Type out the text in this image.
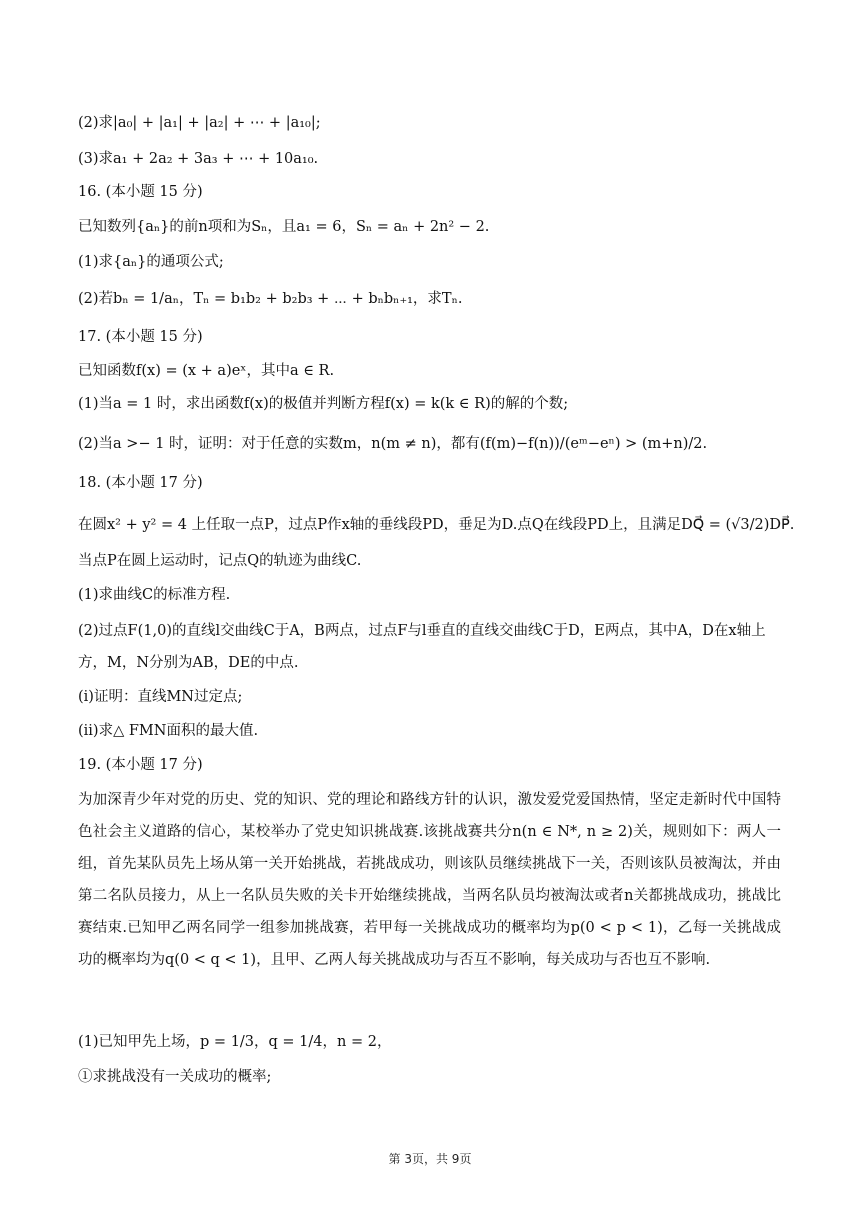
(2)求|a₀| + |a₁| + |a₂| + ⋯ + |a₁₀|;
(3)求a₁ + 2a₂ + 3a₃ + ⋯ + 10a₁₀.
16. (本小题 15 分)
已知数列{aₙ}的前n项和为Sₙ，且a₁ = 6，Sₙ = aₙ + 2n² − 2.
(1)求{aₙ}的通项公式;
(2)若bₙ = 1/aₙ，Tₙ = b₁b₂ + b₂b₃ + ⋯ + bₙbₙ₊₁，求Tₙ.
17. (本小题 15 分)
已知函数f(x) = (x + a)eˣ，其中a ∈ R.
(1)当a = 1 时，求出函数f(x)的极值并判断方程f(x) = k(k ∈ R)的解的个数;
(2)当a >− 1 时，证明：对于任意的实数m，n(m ≠ n)，都有(f(m)−f(n))/(eᵐ−eⁿ) > (m+n)/2.
18. (本小题 17 分)
在圆x² + y² = 4 上任取一点P，过点P作x轴的垂线段PD，垂足为D.点Q在线段PD上，且满足DQ⃗ = (√3/2)DP⃗.
当点P在圆上运动时，记点Q的轨迹为曲线C.
(1)求曲线C的标准方程.
(2)过点F(1,0)的直线l交曲线C于A，B两点，过点F与l垂直的直线交曲线C于D，E两点，其中A，D在x轴上
方，M，N分别为AB，DE的中点.
(i)证明：直线MN过定点;
(ii)求△ FMN面积的最大值.
19. (本小题 17 分)
为加深青少年对党的历史、党的知识、党的理论和路线方针的认识，激发爱党爱国热情，坚定走新时代中国特色社会主义道路的信心，某校举办了党史知识挑战赛.该挑战赛共分n(n ∈ N*, n ≥ 2)关，规则如下：两人一组，首先某队员先上场从第一关开始挑战，若挑战成功，则该队员继续挑战下一关，否则该队员被淘汰，并由第二名队员接力，从上一名队员失败的关卡开始继续挑战，当两名队员均被淘汰或者n关都挑战成功，挑战比赛结束.已知甲乙两名同学一组参加挑战赛，若甲每一关挑战成功的概率均为p(0 < p < 1)，乙每一关挑战成功的概率均为q(0 < q < 1)，且甲、乙两人每关挑战成功与否互不影响，每关成功与否也互不影响.
(1)已知甲先上场，p = 1/3，q = 1/4，n = 2，
①求挑战没有一关成功的概率;
第 3页，共 9页
